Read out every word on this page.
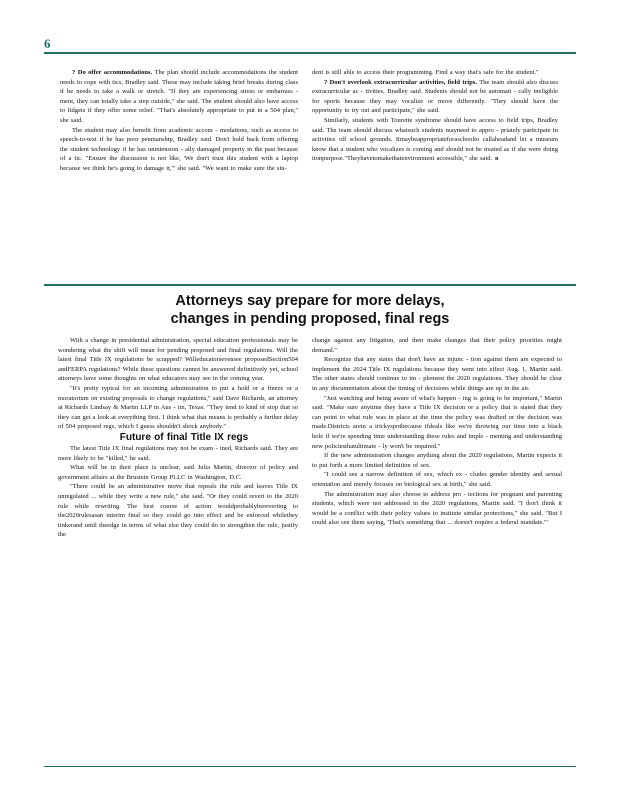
6

? Do offer accommodations. The plan should include accommodations the student needs to cope with tics, Bradley said. These may include taking brief breaks during class if he needs to take a walk or stretch. "If they are experiencing stress or embarrass - ment, they can totally take a step outside," she said. The student should also have access to fidgets if they offer some relief. "That's absolutely appropriate to put in a 504 plan," she said.

The student may also benefit from academic accom - modations, such as access to speech-to-text if he has poor penmanship, Bradley said. Don't hold back from offering the student technology if he has unintension - ally damaged property in the past because of a tic. "Ensure the discussion is not like, 'We don't trust this student with a laptop because we think he's going to damage it,'" she said. "We want to make sure the stu-

dent is still able to access their programming. Find a way that's safe for the student."

? Don't overlook extracurricular activities, field trips. The team should also discuss extracurricular ac - tivities, Bradley said. Students should not be automati - cally ineligible for sports because they may vocalize or move differently. "They should have the opportunity to try out and participate," she said.

Similarly, students with Tourette syndrome should have access to field trips, Bradley said. The team should discuss whatsuch students mayneed to appro - priately participate in activities off school grounds. Itmaybeappropriateforaschoolto callaheadand let a museum know that a student who vocalizes is coming and should not be treated as if she were doing itonpurpose."Theyhavetomakethatenvironment accessible," she said. n

Attorneys say prepare for more delays,
changes in pending proposed, final regs

With a change in presidential administration, special education professionals may be wondering what the shift will mean for pending proposed and final regulations. Will the latest final Title IX regulations be scrapped? Willeducatorsevensee proposedSection504 andFERPA regulations? While these questions cannot be answered definitively yet, school attorneys have some thoughts on what educators may see in the coming year.

"It's pretty typical for an incoming administration to put a hold or a freeze or a moratorium on existing proposals to change regulations," said Dave Richards, an attorney at Richards Lindsay & Martin LLP in Aus - tin, Texas. "They tend to kind of stop that so they can get a look at everything first. I think what that means is probably a further delay of 504 proposed regs, which I guess shouldn't shock anybody."

Future of final Title IX regs

The latest Title IX final regulations may not be exam - ined, Richards said. They are more likely to be "killed," he said.

What will be in their place is unclear, said Julia Martin, director of policy and government affairs at the Brustein Group PLLC in Washington, D.C.

"There could be an administrative move that repeals the rule and leaves Title IX unregulated ... while they write a new rule," she said. "Or they could revert to the 2020 rule while rewriting. The best course of action wouldprobablybereverting to the2020rulesasan interim final so they could go into effect and be enforced whilethey tinkerand until theedge in terms of what else they could do to strengthen the rule, justify the

change against any litigation, and then make changes that their policy priorities might demand."

Recognize that any states that don't have an injunc - tion against them are expected to implement the 2024 Title IX regulations because they went into effect Aug. 1, Martin said. The other states should continue to im - plement the 2020 regulations. They should be clear in any documentation about the timing of decisions while things are up in the air.

"Just watching and being aware of what's happen - ing is going to be important," Martin said. "Make sure anytime they have a Title IX decision or a policy that is stated that they can point to what rule was in place at the time the policy was drafted or the decision was made.Districts arein a trickyspotbecause ifdeals like we're throwing our time into a black hole if we're spending time understanding these rules and imple - menting and understanding new policiesthatultimate - ly won't be required."

If the new administration changes anything about the 2020 regulations, Martin expects it to put forth a more limited definition of sex.

"I could see a narrow definition of sex, which ex - cludes gender identity and sexual orientation and merely focuses on biological sex at birth," she said.

The administration may also choose to address pro - tections for pregnant and parenting students, which were not addressed in the 2020 regulations, Martin said. "I don't think it would be a conflict with their policy values to institute similar protections," she said. "But I could also see them saying, 'That's something that ... doesn't require a federal mandate.'"
